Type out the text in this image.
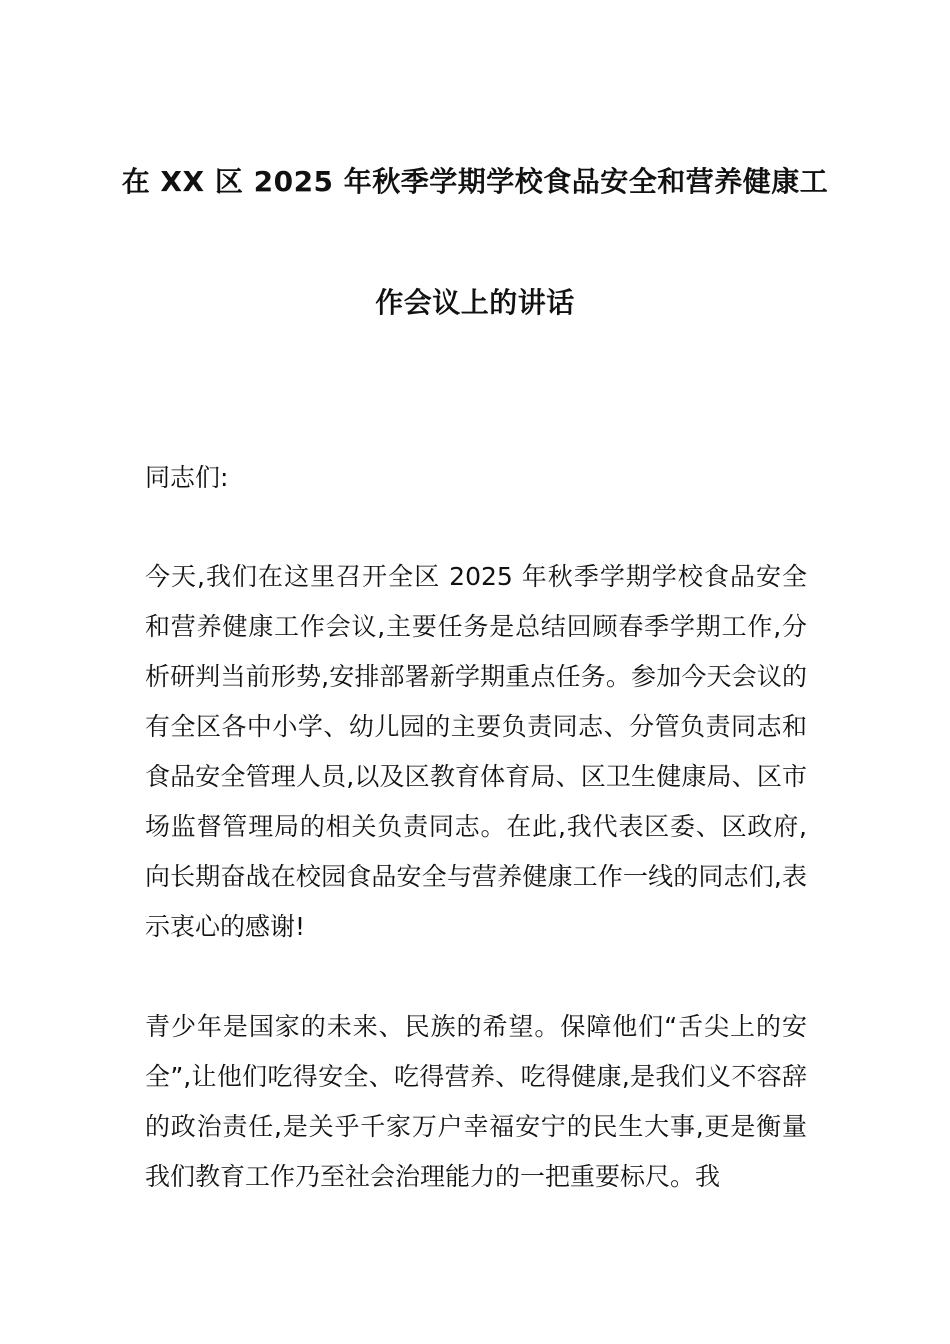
在 XX 区 2025 年秋季学期学校食品安全和营养健康工
作会议上的讲话
同志们:
今天,我们在这里召开全区 2025 年秋季学期学校食品安全和营养健康工作会议,主要任务是总结回顾春季学期工作,分析研判当前形势,安排部署新学期重点任务。参加今天会议的有全区各中小学、幼儿园的主要负责同志、分管负责同志和食品安全管理人员,以及区教育体育局、区卫生健康局、区市场监督管理局的相关负责同志。在此,我代表区委、区政府,向长期奋战在校园食品安全与营养健康工作一线的同志们,表示衷心的感谢!
青少年是国家的未来、民族的希望。保障他们“舌尖上的安全”,让他们吃得安全、吃得营养、吃得健康,是我们义不容辞的政治责任,是关乎千家万户幸福安宁的民生大事,更是衡量我们教育工作乃至社会治理能力的一把重要标尺。我
